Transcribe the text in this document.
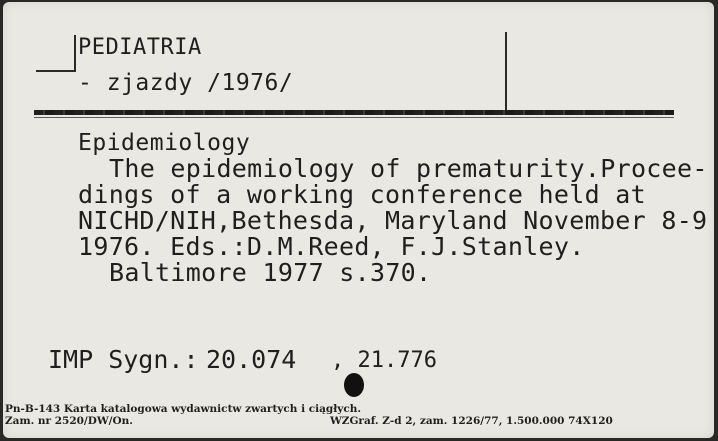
PEDIATRIA
- zjazdy /1976/
Epidemiology
The epidemiology of prematurity.Procee-
dings of a working conference held at
NICHD/NIH,Bethesda, Maryland November 8-9
1976. Eds.:D.M.Reed, F.J.Stanley.
Baltimore 1977 s.370.
IMP Sygn.: 20.074 , 21.776
Pn-B-143 Karta katalogowa wydawnictw zwartych i ciągłych.
Zam. nr 2520/DW/On.	WZGraf. Z-d 2, zam. 1226/77, 1.500.000 74X120
